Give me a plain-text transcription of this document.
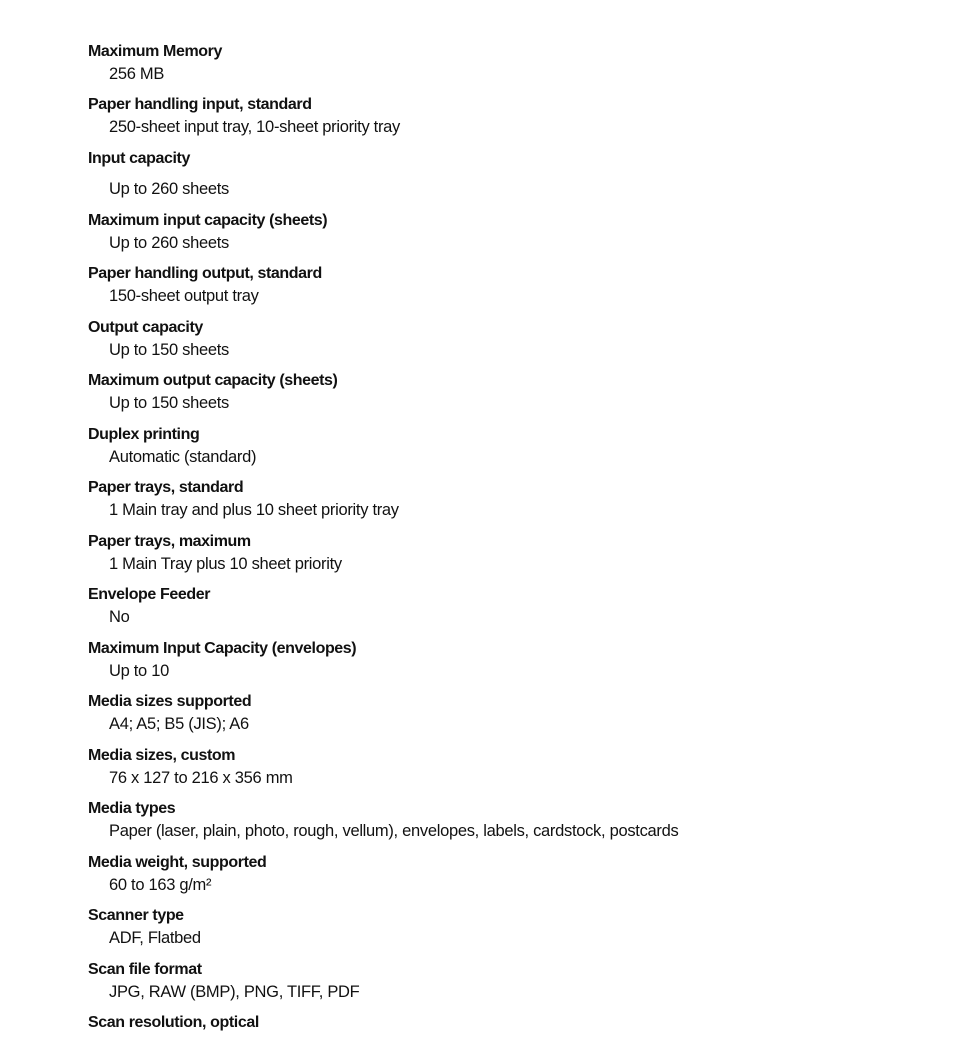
Maximum Memory
256 MB
Paper handling input, standard
250-sheet input tray, 10-sheet priority tray
Input capacity
Up to 260 sheets
Maximum input capacity (sheets)
Up to 260 sheets
Paper handling output, standard
150-sheet output tray
Output capacity
Up to 150 sheets
Maximum output capacity (sheets)
Up to 150 sheets
Duplex printing
Automatic (standard)
Paper trays, standard
1 Main tray and plus 10 sheet priority tray
Paper trays, maximum
1 Main Tray plus 10 sheet priority
Envelope Feeder
No
Maximum Input Capacity (envelopes)
Up to 10
Media sizes supported
A4; A5; B5 (JIS); A6
Media sizes, custom
76 x 127 to 216 x 356 mm
Media types
Paper (laser, plain, photo, rough, vellum), envelopes, labels, cardstock, postcards
Media weight, supported
60 to 163 g/m²
Scanner type
ADF, Flatbed
Scan file format
JPG, RAW (BMP), PNG, TIFF, PDF
Scan resolution, optical
